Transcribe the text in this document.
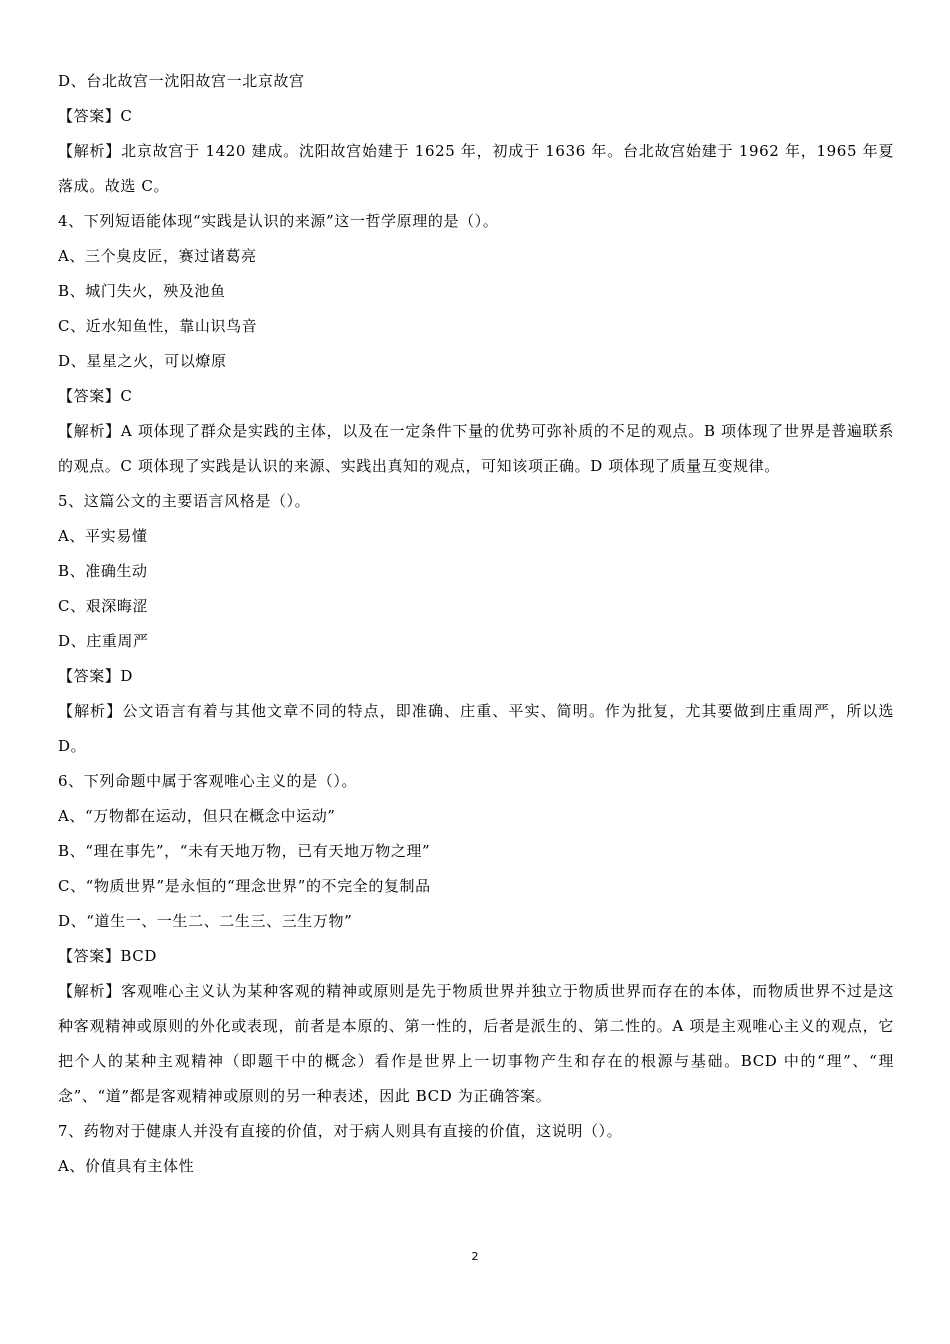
D、台北故宫一沈阳故宫一北京故宫
【答案】C
【解析】北京故宫于 1420 建成。沈阳故宫始建于 1625 年，初成于 1636 年。台北故宫始建于 1962 年，1965 年夏落成。故选 C。
4、下列短语能体现“实践是认识的来源”这一哲学原理的是（）。
A、三个臭皮匠，赛过诸葛亮
B、城门失火，殃及池鱼
C、近水知鱼性，靠山识鸟音
D、星星之火，可以燎原
【答案】C
【解析】A 项体现了群众是实践的主体，以及在一定条件下量的优势可弥补质的不足的观点。B 项体现了世界是普遍联系的观点。C 项体现了实践是认识的来源、实践出真知的观点，可知该项正确。D 项体现了质量互变规律。
5、这篇公文的主要语言风格是（）。
A、平实易懂
B、准确生动
C、艰深晦涩
D、庄重周严
【答案】D
【解析】公文语言有着与其他文章不同的特点，即准确、庄重、平实、简明。作为批复，尤其要做到庄重周严，所以选 D。
6、下列命题中属于客观唯心主义的是（）。
A、“万物都在运动，但只在概念中运动”
B、“理在事先”，“未有天地万物，已有天地万物之理”
C、“物质世界”是永恒的“理念世界”的不完全的复制品
D、“道生一、一生二、二生三、三生万物”
【答案】BCD
【解析】客观唯心主义认为某种客观的精神或原则是先于物质世界并独立于物质世界而存在的本体，而物质世界不过是这种客观精神或原则的外化或表现，前者是本原的、第一性的，后者是派生的、第二性的。A 项是主观唯心主义的观点，它把个人的某种主观精神（即题干中的概念）看作是世界上一切事物产生和存在的根源与基础。BCD 中的“理”、“理念”、“道”都是客观精神或原则的另一种表述，因此 BCD 为正确答案。
7、药物对于健康人并没有直接的价值，对于病人则具有直接的价值，这说明（）。
A、价值具有主体性
2
